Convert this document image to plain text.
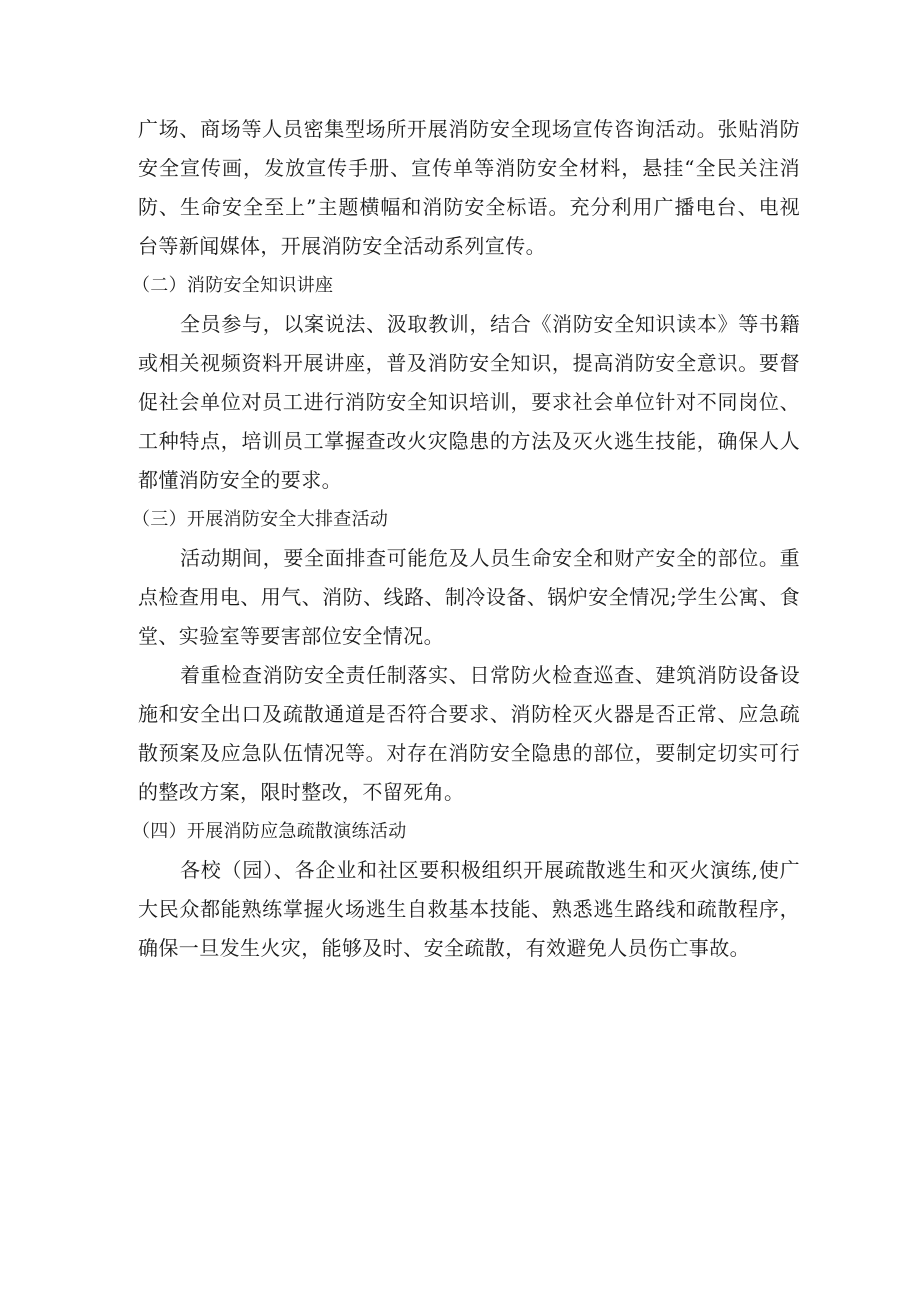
广场、商场等人员密集型场所开展消防安全现场宣传咨询活动。张贴消防安全宣传画，发放宣传手册、宣传单等消防安全材料，悬挂“全民关注消防、生命安全至上”主题横幅和消防安全标语。充分利用广播电台、电视台等新闻媒体，开展消防安全活动系列宣传。

（二）消防安全知识讲座

全员参与，以案说法、汲取教训，结合《消防安全知识读本》等书籍或相关视频资料开展讲座，普及消防安全知识，提高消防安全意识。要督促社会单位对员工进行消防安全知识培训，要求社会单位针对不同岗位、工种特点，培训员工掌握查改火灾隐患的方法及灭火逃生技能，确保人人都懂消防安全的要求。

（三）开展消防安全大排查活动

活动期间，要全面排查可能危及人员生命安全和财产安全的部位。重点检查用电、用气、消防、线路、制冷设备、锅炉安全情况;学生公寓、食堂、实验室等要害部位安全情况。

着重检查消防安全责任制落实、日常防火检查巡查、建筑消防设备设施和安全出口及疏散通道是否符合要求、消防栓灭火器是否正常、应急疏散预案及应急队伍情况等。对存在消防安全隐患的部位，要制定切实可行的整改方案，限时整改，不留死角。

（四）开展消防应急疏散演练活动

各校（园）、各企业和社区要积极组织开展疏散逃生和灭火演练,使广大民众都能熟练掌握火场逃生自救基本技能、熟悉逃生路线和疏散程序，确保一旦发生火灾，能够及时、安全疏散，有效避免人员伤亡事故。
